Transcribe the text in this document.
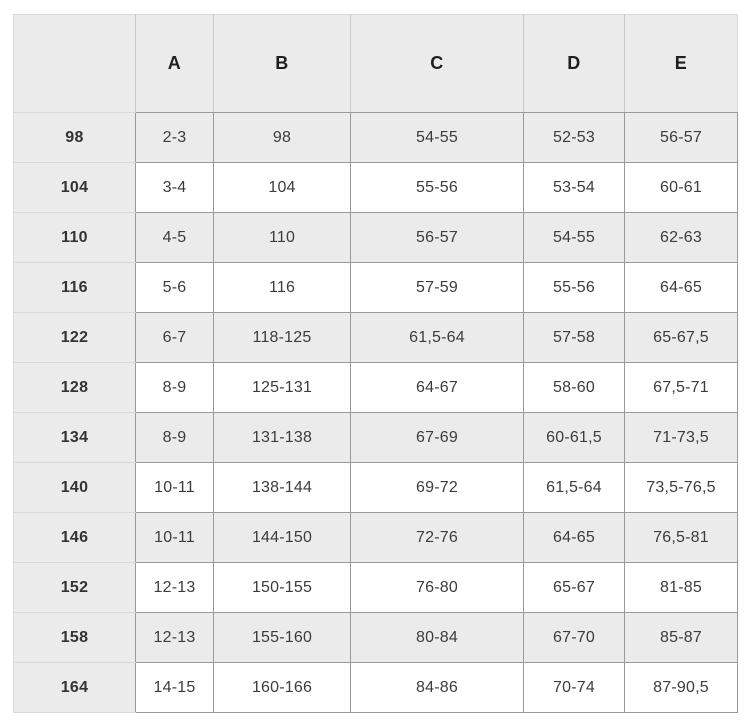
	A	B	C	D	E
98	2-3	98	54-55	52-53	56-57
104	3-4	104	55-56	53-54	60-61
110	4-5	110	56-57	54-55	62-63
116	5-6	116	57-59	55-56	64-65
122	6-7	118-125	61,5-64	57-58	65-67,5
128	8-9	125-131	64-67	58-60	67,5-71
134	8-9	131-138	67-69	60-61,5	71-73,5
140	10-11	138-144	69-72	61,5-64	73,5-76,5
146	10-11	144-150	72-76	64-65	76,5-81
152	12-13	150-155	76-80	65-67	81-85
158	12-13	155-160	80-84	67-70	85-87
164	14-15	160-166	84-86	70-74	87-90,5
